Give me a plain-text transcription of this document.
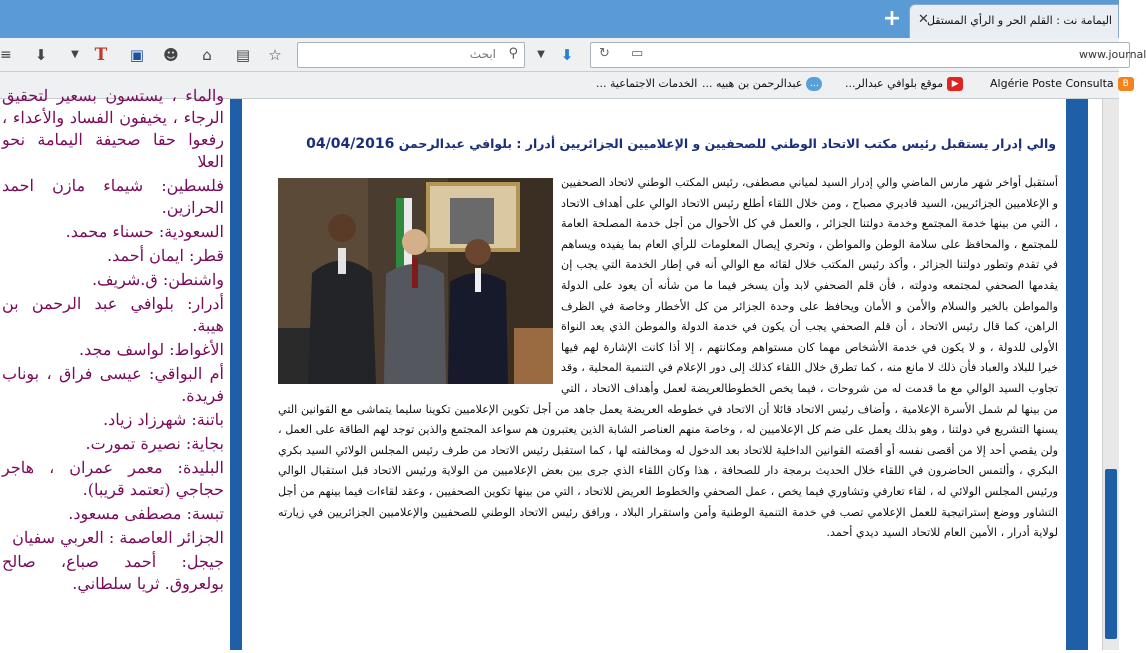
اليمامة نت : القلم الحر و الرأي المستقل
✕
+
≡	⬇	▼ T	▣ ☻	⌂	▤ ☆
ابحث	⚲	▼	⬇	↻ ▭	www.journal
BAlgérie Poste Consulta
▶موقع بلوافي عبدالر...
…عبدالرحمن بن هبيه ...
الخدمات الاجتماعية ...
والماء ، يستسون بسعير لتحقيق الرجاء ، يخيفون الفساد والأعداء ، رفعوا حقا صحيفة اليمامة نحو العلا
فلسطين: شيماء مازن احمد الحرازين.
السعودية: حسناء محمد.
قطر: ايمان أحمد.
واشنطن: ق.شريف.
أدرار: بلوافي عبد الرحمن بن هيبة.
الأغواط: لواسف مجد.
أم البواقي: عيسى فراق ، بوناب فريدة.
باتنة: شهرزاد زياد.
بجاية: نصيرة تمورت.
البليدة: معمر عمران ، هاجر حجاجي (تعتمد قريبا).
تبسة: مصطفى مسعود.
الجزائر العاصمة : العربي سفيان
جيجل: أحمد صباع، صالح بولعروق. ثريا سلطاني.
والي إدرار يستقبل رئيس مكتب الاتحاد الوطني للصحفيين و الإعلاميين الجزائريين أدرار : بلوافي عبدالرحمن 04/04/2016
أستقبل أواخر شهر مارس الماضي والي إدرار السيد لمياني مصطفى، رئيس المكتب الوطني لاتحاد الصحفيين و الإعلاميين الجزائريين، السيد قاديري مصباح ، ومن خلال اللقاء أطلع رئيس الاتحاد الوالي على أهداف الاتحاد ، التي من بينها خدمة المجتمع وخدمة دولتنا الجزائر ، والعمل في كل الأحوال من أجل خدمة المصلحة العامة للمجتمع ، والمحافظ على سلامة الوطن والمواطن ، وتحري إيصال المعلومات للرأي العام بما يفيده ويساهم في تقدم وتطور دولتنا الجزائر ، وأكد رئيس المكتب خلال لقائه مع الوالي أنه في إطار الخدمة التي يجب إن يقدمها الصحفي لمجتمعه ودولته ، فأن قلم الصحفي لابد وأن يسخر فيما ما من شأنه أن يعود على الدولة والمواطن بالخير والسلام والأمن و الأمان ويحافظ على وحدة الجزائر من كل الأخطار وخاصة في الظرف الراهن، كما قال رئيس الاتحاد ، أن قلم الصحفي يجب أن يكون في خدمة الدولة والموطن الذي يعد النواة الأولى للدولة ، و لا يكون في خدمة الأشخاص مهما كان مستواهم ومكانتهم ، إلا أذا كانت الإشارة لهم فيها خيرا للبلاد والعباد فأن ذلك لا مانع منه ، كما تطرق خلال اللقاء كذلك إلى دور الإعلام في التنمية المحلية ، وقد تجاوب السيد الوالي مع ما قدمت له من شروحات ، فيما يخص الخطوطالعريضة لعمل وأهداف الاتحاد ، التي من بينها لم شمل الأسرة الإعلامية ، وأضاف رئيس الاتحاد قائلا أن الاتحاد في خطوطه العريضة يعمل جاهد من أجل تكوين الإعلاميين تكوينا سليما يتماشى مع القوانين التي يسنها التشريع في دولتنا ، وهو بذلك يعمل على ضم كل الإعلاميين له ، وخاصة منهم العناصر الشابة الذين يعتبرون هم سواعد المجتمع والذين توجد لهم الطاقة على العمل ، ولن يقصي أحد إلا من أقصى نفسه أو أقصته القوانين الداخلية للاتحاد بعد الدخول له ومخالفته لها ، كما استقبل رئيس الاتحاد من طرف رئيس المجلس الولائي السيد بكري البكري ، وألتمس الحاضرون في اللقاء خلال الحديث برمجة دار للصحافة ، هذا وكان اللقاء الذي جرى بين بعض الإعلاميين من الولاية ورئيس الاتحاد قبل استقبال الوالي ورئيس المجلس الولائي له ، لقاء تعارفي وتشاوري فيما يخص ، عمل الصحفي والخطوط العريض للاتحاد ، التي من بينها تكوين الصحفيين ، وعقد لقاءات فيما بينهم من أجل التشاور ووضع إستراتيجية للعمل الإعلامي تصب في خدمة التنمية الوطنية وأمن واستقرار البلاد ، ورافق رئيس الاتحاد الوطني للصحفيين والإعلاميين الجزائريين في زيارته لولاية أدرار ، الأمين العام للاتحاد السيد ديدي أحمد.
